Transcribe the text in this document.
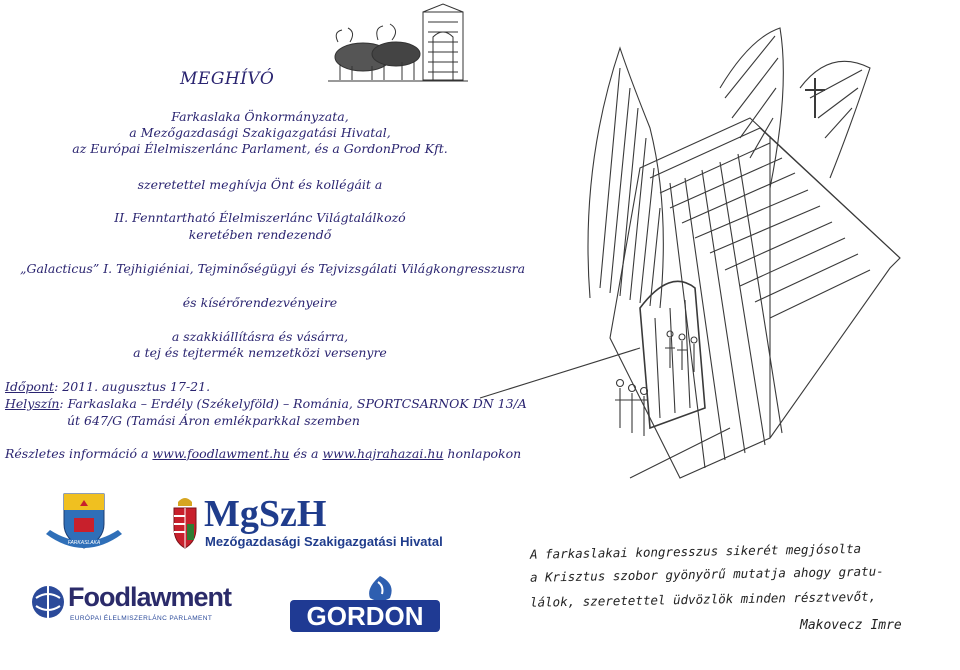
MEGHÍVÓ
Farkaslaka Önkormányzata,
a Mezőgazdasági Szakigazgatási Hivatal,
az Európai Élelmiszerlánc Parlament, és a GordonProd Kft.
szeretettel meghívja Önt és kollégáit a
II. Fenntartható Élelmiszerlánc Világtalálkozó
keretében rendezendő
„Galacticus” I. Tejhigiéniai, Tejminőségügyi és Tejvizsgálati Világkongresszusra
és kísérőrendezvényeire
a szakkiállításra és vásárra,
a tej és tejtermék nemzetközi versenyre
Időpont: 2011. augusztus 17-21.
Helyszín: Farkaslaka – Erdély (Székelyföld) – Románia, SPORTCSARNOK DN 13/A
út 647/G (Tamási Áron emlékparkkal szemben
Részletes információ a www.foodlawment.hu és a www.hajrahazai.hu honlapokon
FARKASLAKA
MgSzH
Mezőgazdasági Szakigazgatási Hivatal
Foodlawment
EURÓPAI ÉLELMISZERLÁNC PARLAMENT	GORDON
A farkaslakai kongresszus sikerét megjósolta
a Krisztus szobor gyönyörű mutatja ahogy gratu-
lálok, szeretettel üdvözlök minden résztvevőt,
Makovecz Imre
